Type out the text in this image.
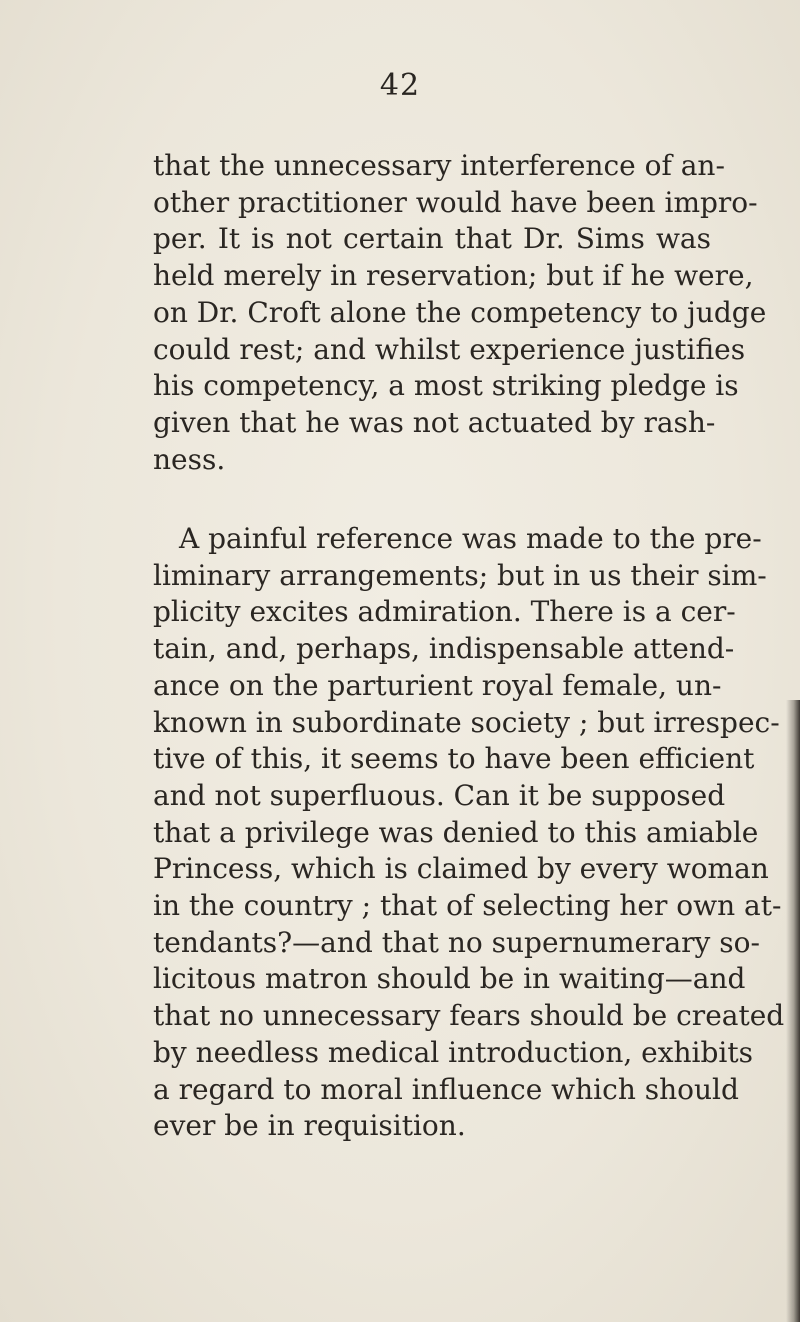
42
that the unnecessary interference of an-
other practitioner would have been impro-
per. It is not certain that Dr. Sims was
held merely in reservation; but if he were,
on Dr. Croft alone the competency to judge
could rest; and whilst experience justifies
his competency, a most striking pledge is
given that he was not actuated by rash-
ness.
A painful reference was made to the pre-
liminary arrangements; but in us their sim-
plicity excites admiration. There is a cer-
tain, and, perhaps, indispensable attend-
ance on the parturient royal female, un-
known in subordinate society ; but irrespec-
tive of this, it seems to have been efficient
and not superfluous. Can it be supposed
that a privilege was denied to this amiable
Princess, which is claimed by every woman
in the country ; that of selecting her own at-
tendants?—and that no supernumerary so-
licitous matron should be in waiting—and
that no unnecessary fears should be created
by needless medical introduction, exhibits
a regard to moral influence which should
ever be in requisition.
